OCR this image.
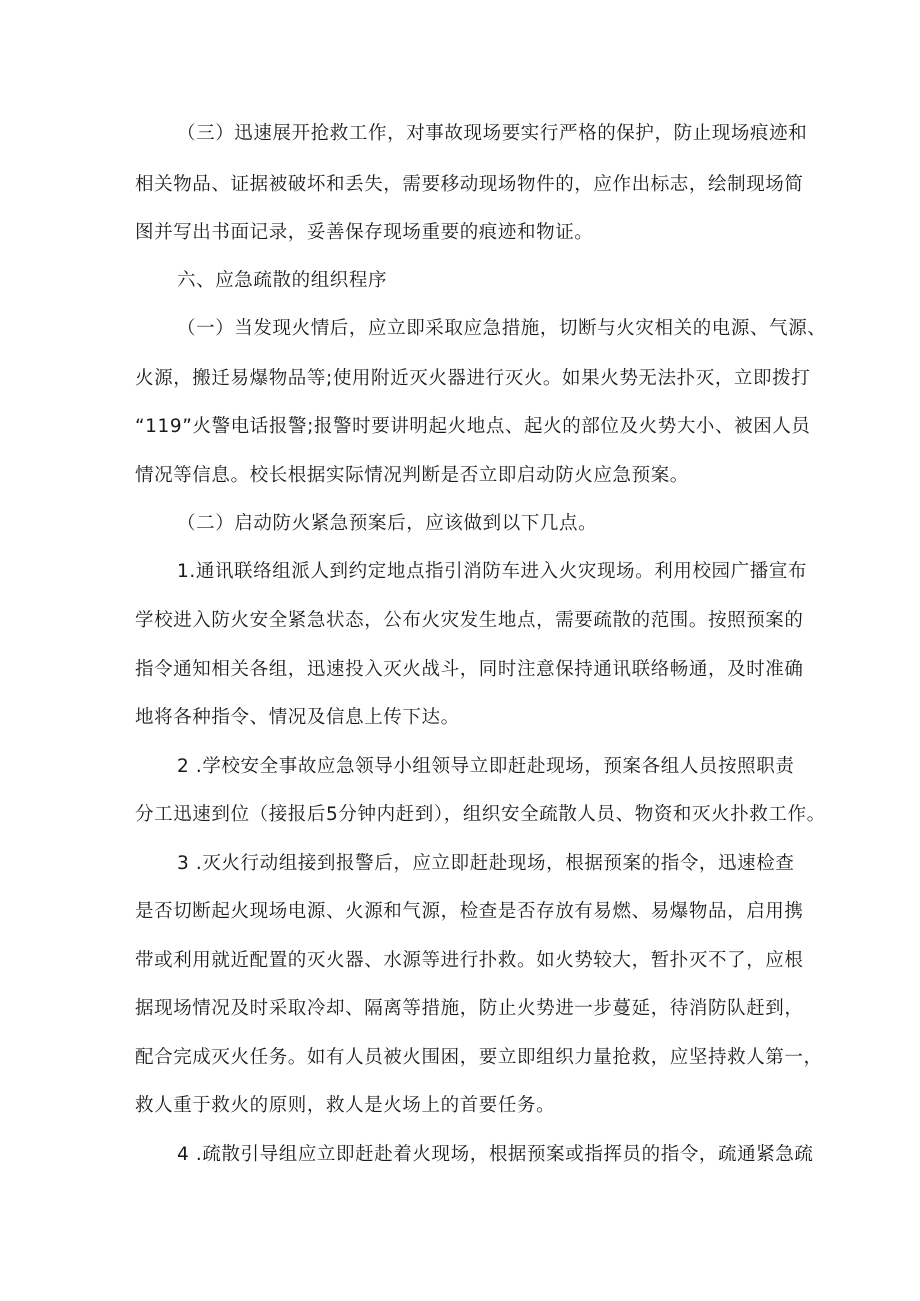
（三）迅速展开抢救工作，对事故现场要实行严格的保护，防止现场痕迹和
相关物品、证据被破坏和丢失，需要移动现场物件的，应作出标志，绘制现场简
图并写出书面记录，妥善保存现场重要的痕迹和物证。
六、应急疏散的组织程序
（一）当发现火情后，应立即采取应急措施，切断与火灾相关的电源、气源、
火源，搬迁易爆物品等;使用附近灭火器进行灭火。如果火势无法扑灭，立即拨打
“119”火警电话报警;报警时要讲明起火地点、起火的部位及火势大小、被困人员
情况等信息。校长根据实际情况判断是否立即启动防火应急预案。
（二）启动防火紧急预案后，应该做到以下几点。
1.通讯联络组派人到约定地点指引消防车进入火灾现场。利用校园广播宣布
学校进入防火安全紧急状态，公布火灾发生地点，需要疏散的范围。按照预案的
指令通知相关各组，迅速投入灭火战斗，同时注意保持通讯联络畅通，及时准确
地将各种指令、情况及信息上传下达。
2 .学校安全事故应急领导小组领导立即赶赴现场，预案各组人员按照职责
分工迅速到位（接报后5分钟内赶到），组织安全疏散人员、物资和灭火扑救工作。
3 .灭火行动组接到报警后，应立即赶赴现场，根据预案的指令，迅速检查
是否切断起火现场电源、火源和气源，检查是否存放有易燃、易爆物品，启用携
带或利用就近配置的灭火器、水源等进行扑救。如火势较大，暂扑灭不了，应根
据现场情况及时采取冷却、隔离等措施，防止火势进一步蔓延，待消防队赶到，
配合完成灭火任务。如有人员被火围困，要立即组织力量抢救，应坚持救人第一，
救人重于救火的原则，救人是火场上的首要任务。
4 .疏散引导组应立即赶赴着火现场，根据预案或指挥员的指令，疏通紧急疏
